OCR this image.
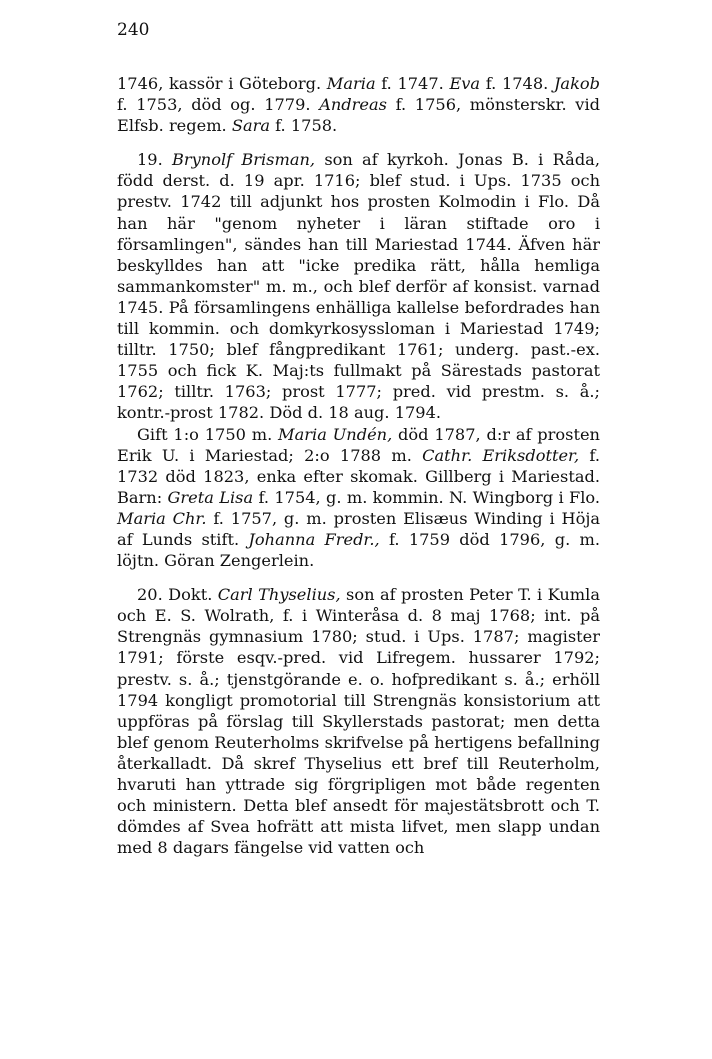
240

1746, kassör i Göteborg. Maria f. 1747. Eva f. 1748. Jakob f. 1753, död og. 1779. Andreas f. 1756, mönsterskr. vid Elfsb. regem. Sara f. 1758.

19. Brynolf Brisman, son af kyrkoh. Jonas B. i Råda, född derst. d. 19 apr. 1716; blef stud. i Ups. 1735 och prestv. 1742 till adjunkt hos prosten Kolmodin i Flo. Då han här "genom nyheter i läran stiftade oro i församlingen", sändes han till Mariestad 1744. Äfven här beskylldes han att "icke predika rätt, hålla hemliga sammankomster" m. m., och blef derför af konsist. varnad 1745. På församlingens enhälliga kallelse befordrades han till kommin. och domkyrkosyssloman i Mariestad 1749; tilltr. 1750; blef fångpredikant 1761; underg. past.-ex. 1755 och fick K. Maj:ts fullmakt på Särestads pastorat 1762; tilltr. 1763; prost 1777; pred. vid prestm. s. å.; kontr.-prost 1782. Död d. 18 aug. 1794.

Gift 1:o 1750 m. Maria Undén, död 1787, d:r af prosten Erik U. i Mariestad; 2:o 1788 m. Cathr. Eriksdotter, f. 1732 död 1823, enka efter skomak. Gillberg i Mariestad. Barn: Greta Lisa f. 1754, g. m. kommin. N. Wingborg i Flo. Maria Chr. f. 1757, g. m. prosten Elisæus Winding i Höja af Lunds stift. Johanna Fredr., f. 1759 död 1796, g. m. löjtn. Göran Zengerlein.

20. Dokt. Carl Thyselius, son af prosten Peter T. i Kumla och E. S. Wolrath, f. i Winteråsa d. 8 maj 1768; int. på Strengnäs gymnasium 1780; stud. i Ups. 1787; magister 1791; förste esqv.-pred. vid Lifregem. hussarer 1792; prestv. s. å.; tjenstgörande e. o. hofpredikant s. å.; erhöll 1794 kongligt promotorial till Strengnäs konsistorium att uppföras på förslag till Skyllerstads pastorat; men detta blef genom Reuterholms skrifvelse på hertigens befallning återkalladt. Då skref Thyselius ett bref till Reuterholm, hvaruti han yttrade sig förgripligen mot både regenten och ministern. Detta blef ansedt för majestätsbrott och T. dömdes af Svea hofrätt att mista lifvet, men slapp undan med 8 dagars fängelse vid vatten och
